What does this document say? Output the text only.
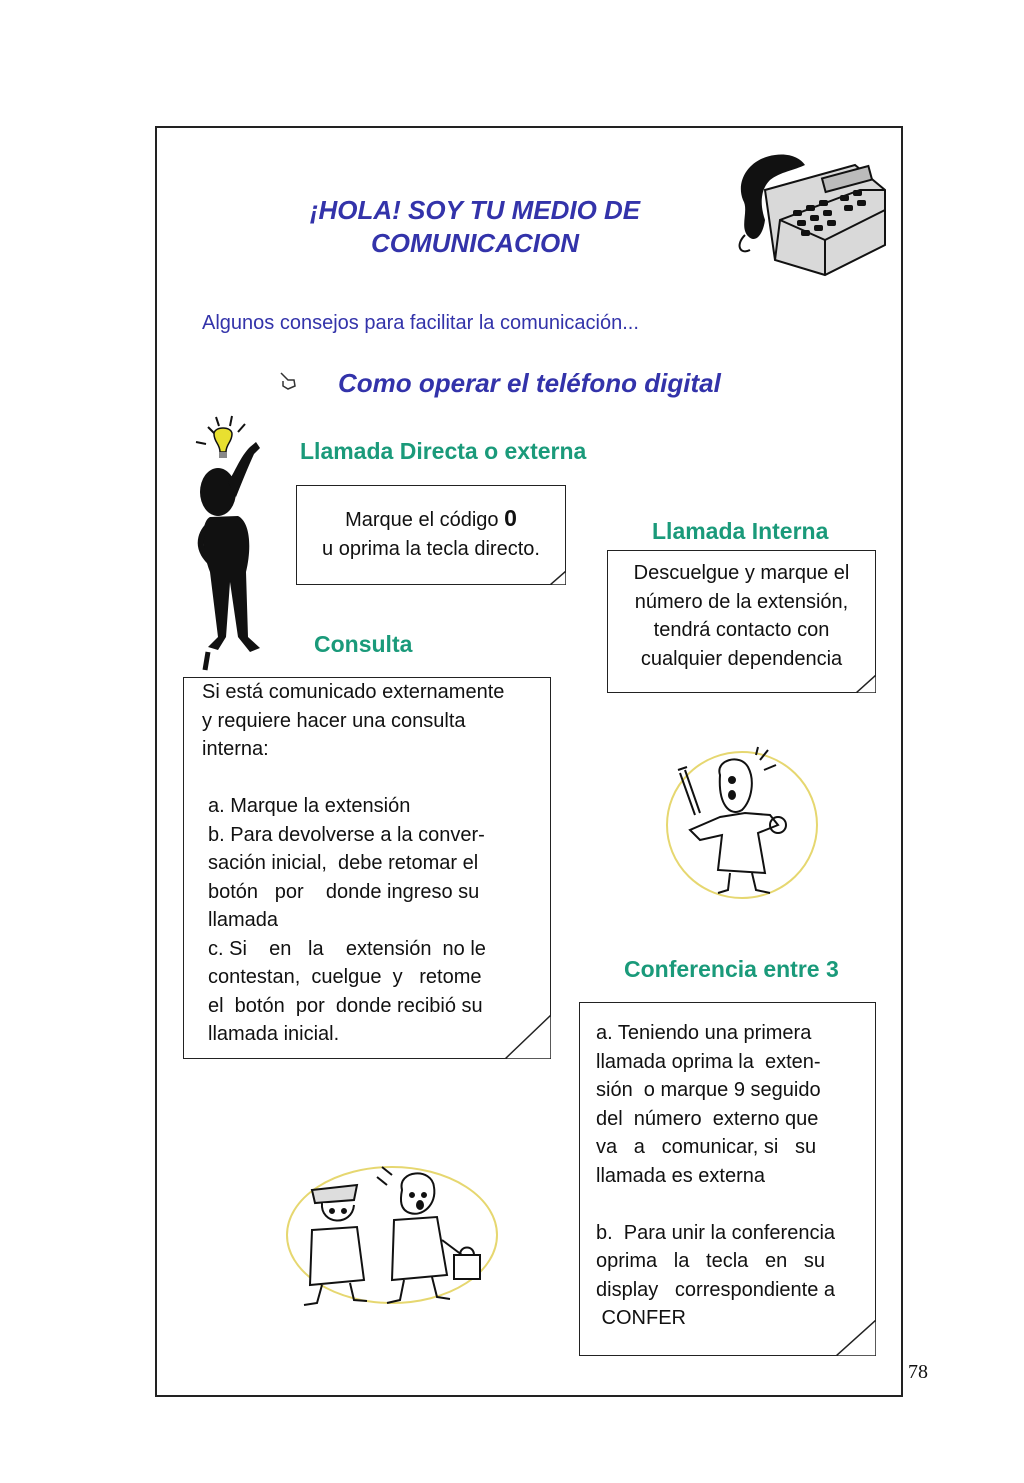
¡HOLA! SOY TU MEDIO DE
COMUNICACION
Algunos consejos para facilitar la comunicación...
Como operar el teléfono digital
Llamada Directa o externa
Marque el código 0
u oprima la tecla directo.
Llamada Interna
Descuelgue y marque el
número de la extensión,
tendrá contacto con
cualquier dependencia
Consulta

Si está comunicado externamente

y requiere hacer una consulta

interna:

a. Marque la extensión

b. Para devolverse a la conver-

sación inicial,  debe retomar el

botón   por    donde ingreso su

llamada

c. Si    en   la    extensión  no le

contestan,  cuelgue  y   retome

el  botón  por  donde recibió su

llamada inicial.

Conferencia entre 3

a. Teniendo una primera

llamada oprima la  exten-

sión  o marque 9 seguido

del  número  externo que

va   a   comunicar, si   su

llamada es externa

b.  Para unir la conferencia

oprima   la   tecla   en   su

display   correspondiente a

CONFER

78
